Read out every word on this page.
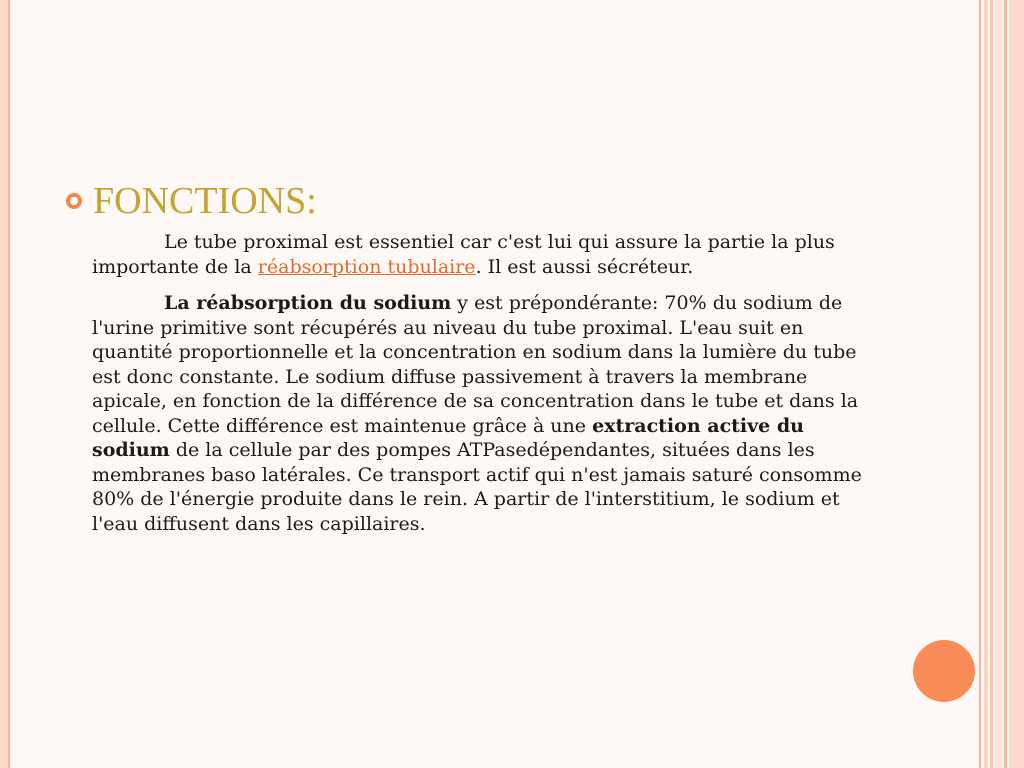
FONCTIONS:

Le tube proximal est essentiel car c'est lui qui assure la partie la plus importante de la réabsorption tubulaire. Il est aussi sécréteur.

La réabsorption du sodium y est prépondérante: 70% du sodium de l'urine primitive sont récupérés au niveau du tube proximal. L'eau suit en quantité proportionnelle et la concentration en sodium dans la lumière du tube est donc constante. Le sodium diffuse passivement à travers la membrane apicale, en fonction de la différence de sa concentration dans le tube et dans la cellule. Cette différence est maintenue grâce à une extraction active du sodium de la cellule par des pompes ATPasedépendantes, situées dans les membranes baso latérales. Ce transport actif qui n'est jamais saturé consomme 80% de l'énergie produite dans le rein. A partir de l'interstitium, le sodium et l'eau diffusent dans les capillaires.
